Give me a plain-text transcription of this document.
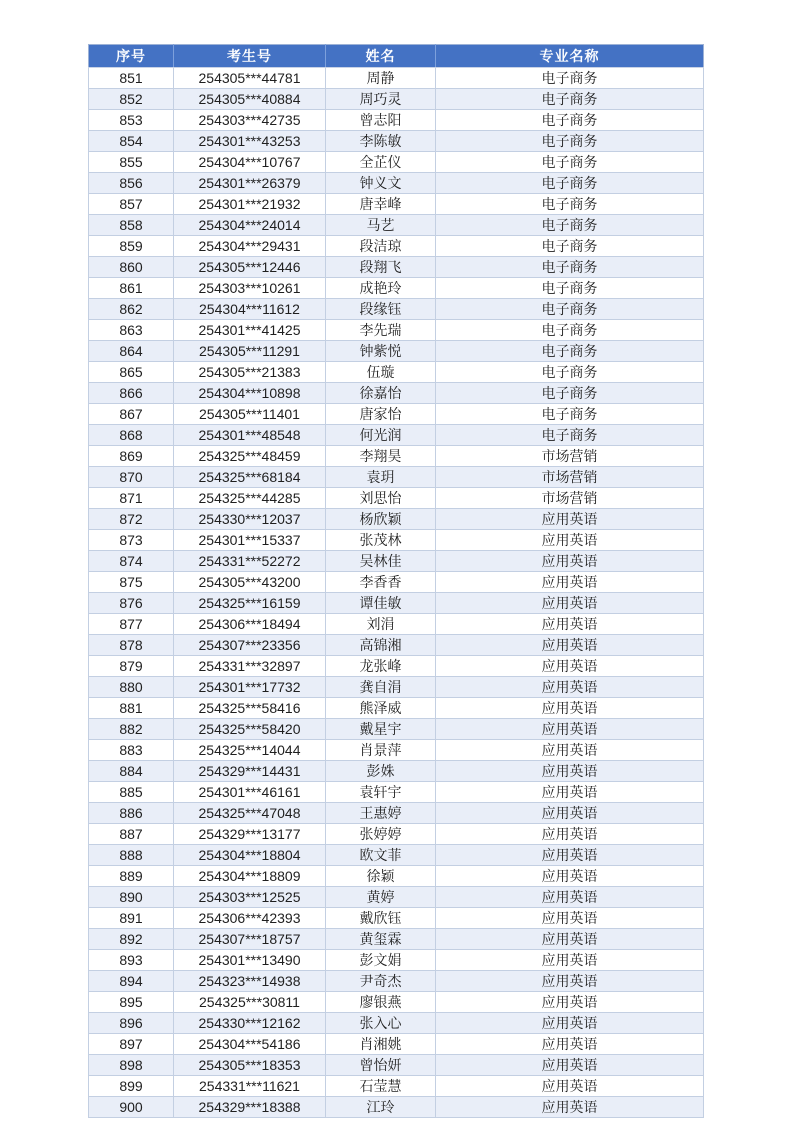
序号	考生号	姓名	专业名称
851	254305***44781	周静	电子商务
852	254305***40884	周巧灵	电子商务
853	254303***42735	曾志阳	电子商务
854	254301***43253	李陈敏	电子商务
855	254304***10767	全芷仪	电子商务
856	254301***26379	钟义文	电子商务
857	254301***21932	唐幸峰	电子商务
858	254304***24014	马艺	电子商务
859	254304***29431	段洁琼	电子商务
860	254305***12446	段翔飞	电子商务
861	254303***10261	成艳玲	电子商务
862	254304***11612	段缘钰	电子商务
863	254301***41425	李先瑞	电子商务
864	254305***11291	钟紫悦	电子商务
865	254305***21383	伍璇	电子商务
866	254304***10898	徐嘉怡	电子商务
867	254305***11401	唐家怡	电子商务
868	254301***48548	何光润	电子商务
869	254325***48459	李翔昊	市场营销
870	254325***68184	袁玥	市场营销
871	254325***44285	刘思怡	市场营销
872	254330***12037	杨欣颖	应用英语
873	254301***15337	张茂林	应用英语
874	254331***52272	吴林佳	应用英语
875	254305***43200	李香香	应用英语
876	254325***16159	谭佳敏	应用英语
877	254306***18494	刘涓	应用英语
878	254307***23356	高锦湘	应用英语
879	254331***32897	龙张峰	应用英语
880	254301***17732	龚自涓	应用英语
881	254325***58416	熊泽威	应用英语
882	254325***58420	戴星宇	应用英语
883	254325***14044	肖景萍	应用英语
884	254329***14431	彭姝	应用英语
885	254301***46161	袁轩宇	应用英语
886	254325***47048	王惠婷	应用英语
887	254329***13177	张婷婷	应用英语
888	254304***18804	欧文菲	应用英语
889	254304***18809	徐颖	应用英语
890	254303***12525	黄婷	应用英语
891	254306***42393	戴欣钰	应用英语
892	254307***18757	黄玺霖	应用英语
893	254301***13490	彭文娟	应用英语
894	254323***14938	尹奇杰	应用英语
895	254325***30811	廖银燕	应用英语
896	254330***12162	张入心	应用英语
897	254304***54186	肖湘姚	应用英语
898	254305***18353	曾怡妍	应用英语
899	254331***11621	石莹慧	应用英语
900	254329***18388	江玲	应用英语
